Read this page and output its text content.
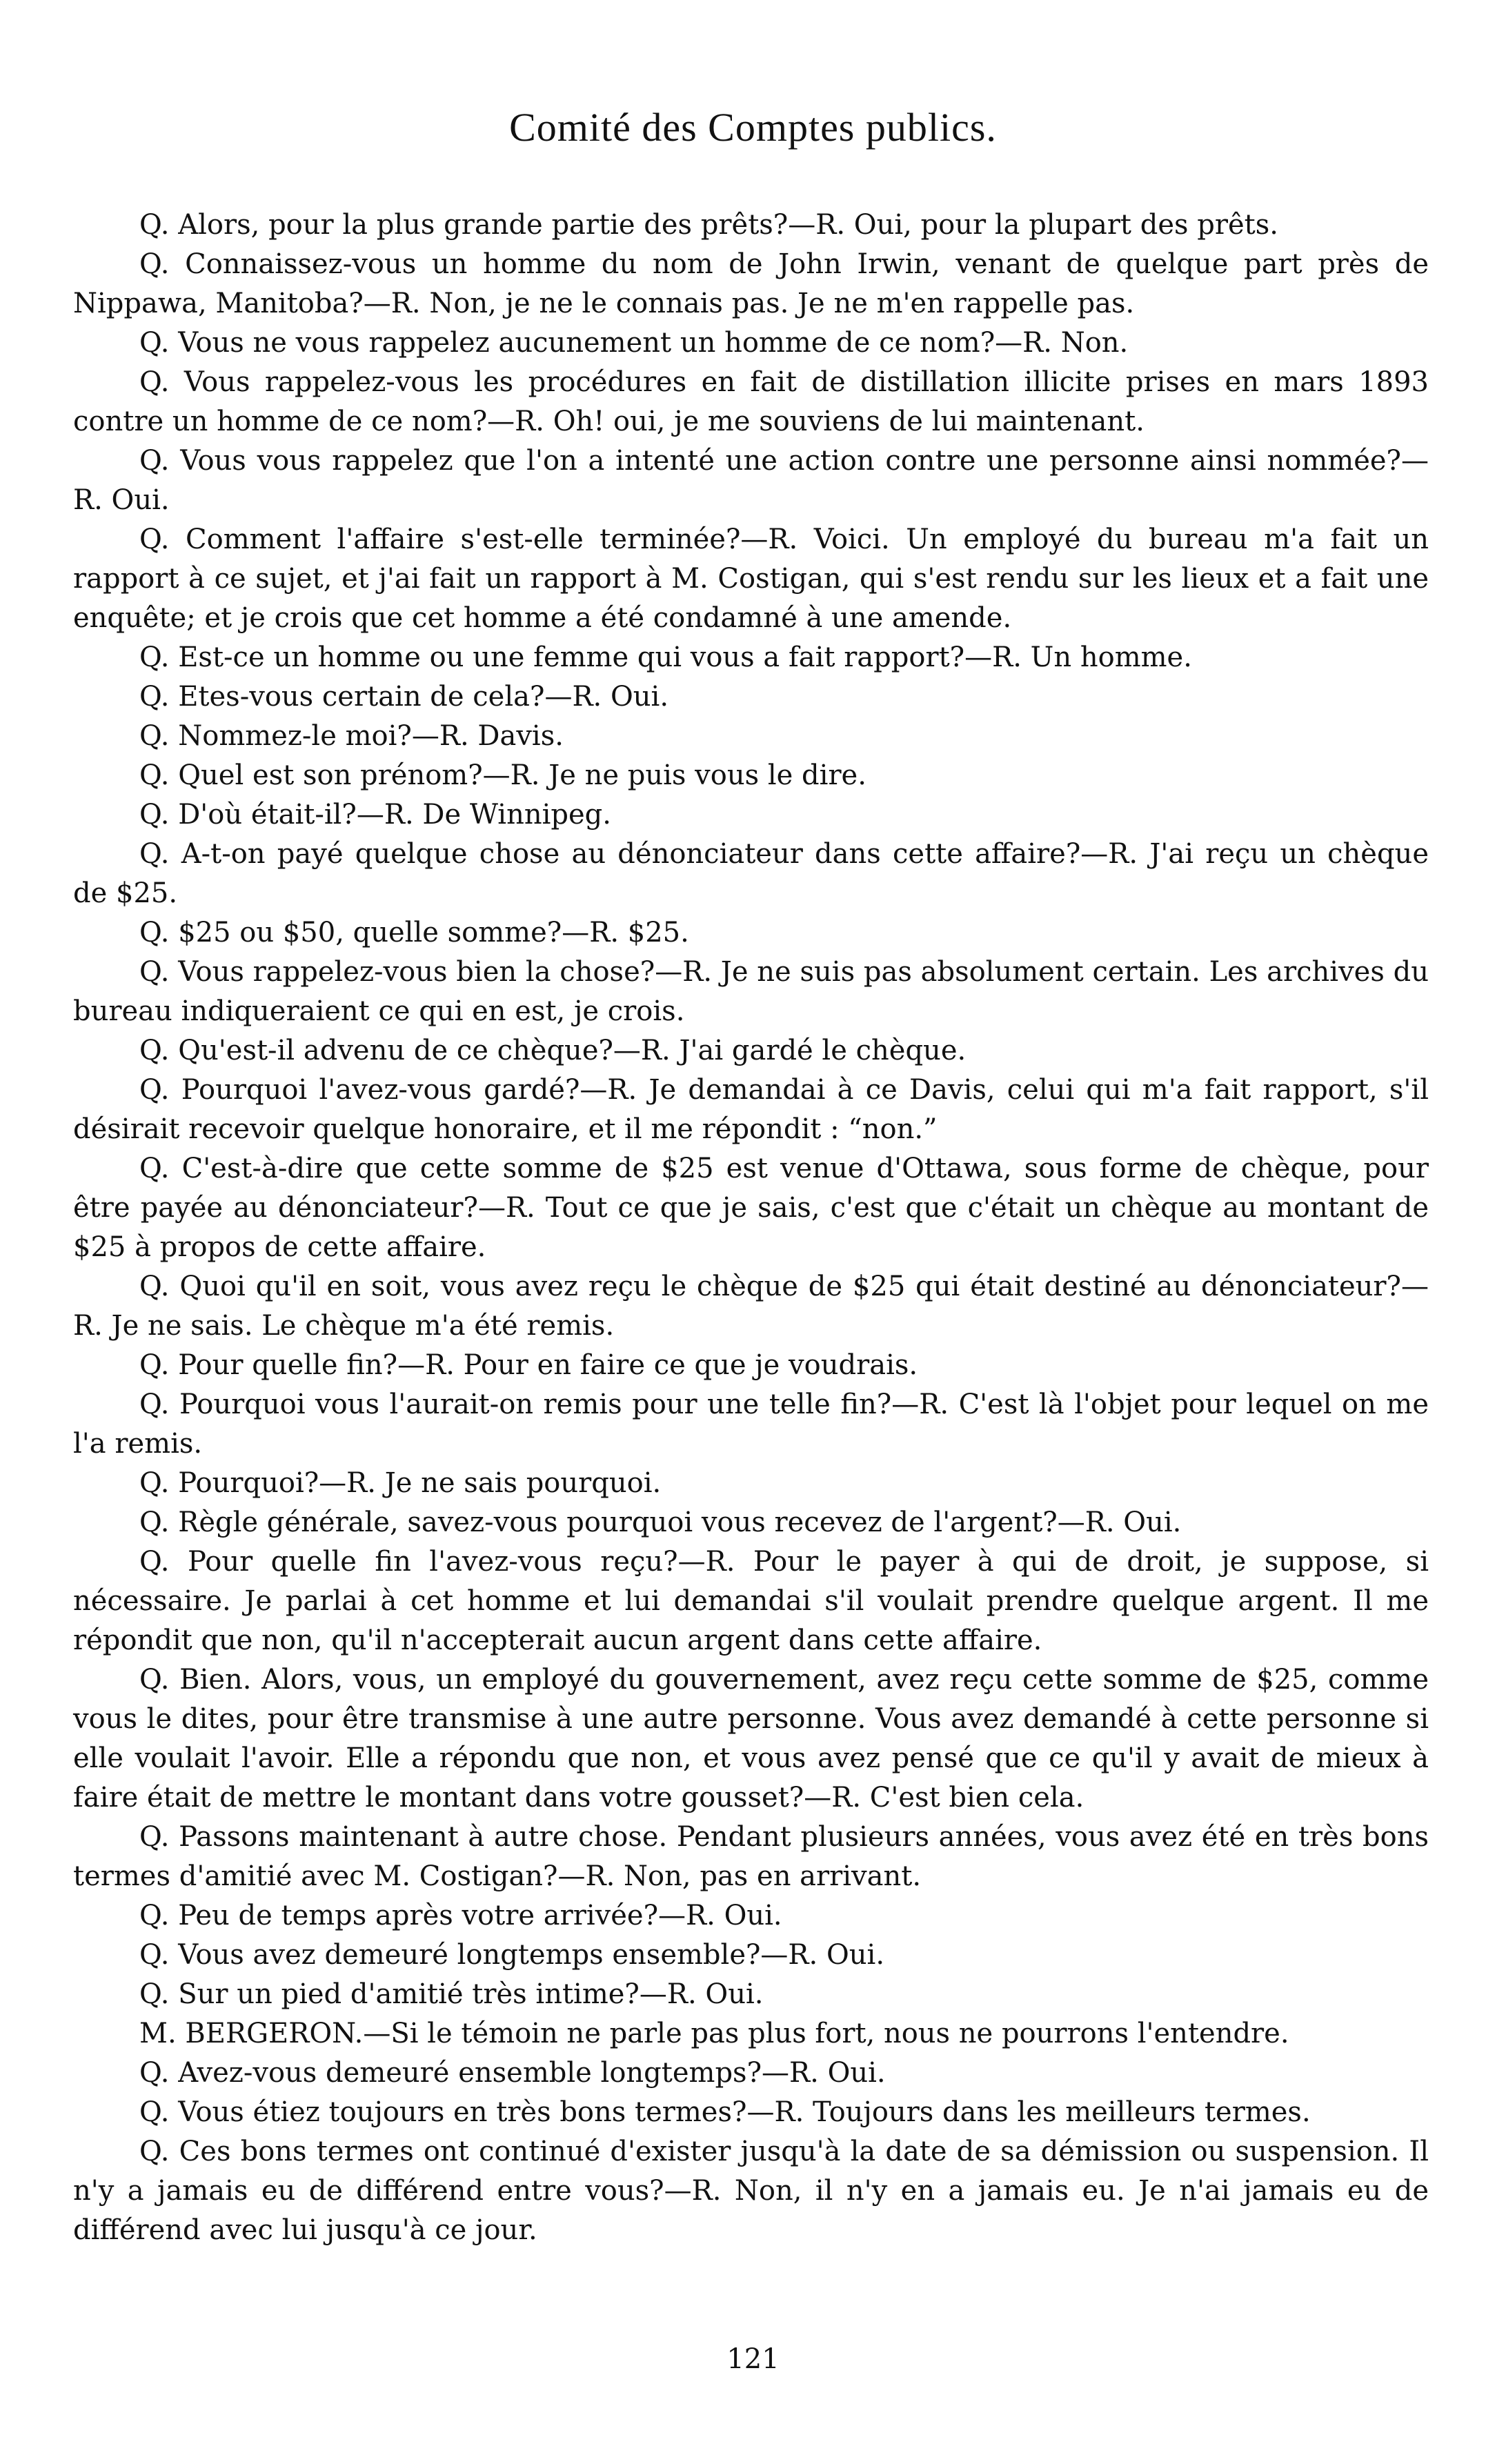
Comité des Comptes publics.

Q. Alors, pour la plus grande partie des prêts?—R. Oui, pour la plupart des prêts.

Q. Connaissez-vous un homme du nom de John Irwin, venant de quelque part près de Nippawa, Manitoba?—R. Non, je ne le connais pas. Je ne m'en rappelle pas.

Q. Vous ne vous rappelez aucunement un homme de ce nom?—R. Non.

Q. Vous rappelez-vous les procédures en fait de distillation illicite prises en mars 1893 contre un homme de ce nom?—R. Oh! oui, je me souviens de lui maintenant.

Q. Vous vous rappelez que l'on a intenté une action contre une personne ainsi nommée?—R. Oui.

Q. Comment l'affaire s'est-elle terminée?—R. Voici. Un employé du bureau m'a fait un rapport à ce sujet, et j'ai fait un rapport à M. Costigan, qui s'est rendu sur les lieux et a fait une enquête; et je crois que cet homme a été condamné à une amende.

Q. Est-ce un homme ou une femme qui vous a fait rapport?—R. Un homme.

Q. Etes-vous certain de cela?—R. Oui.

Q. Nommez-le moi?—R. Davis.

Q. Quel est son prénom?—R. Je ne puis vous le dire.

Q. D'où était-il?—R. De Winnipeg.

Q. A-t-on payé quelque chose au dénonciateur dans cette affaire?—R. J'ai reçu un chèque de $25.

Q. $25 ou $50, quelle somme?—R. $25.

Q. Vous rappelez-vous bien la chose?—R. Je ne suis pas absolument certain. Les archives du bureau indiqueraient ce qui en est, je crois.

Q. Qu'est-il advenu de ce chèque?—R. J'ai gardé le chèque.

Q. Pourquoi l'avez-vous gardé?—R. Je demandai à ce Davis, celui qui m'a fait rapport, s'il désirait recevoir quelque honoraire, et il me répondit : “non.”

Q. C'est-à-dire que cette somme de $25 est venue d'Ottawa, sous forme de chèque, pour être payée au dénonciateur?—R. Tout ce que je sais, c'est que c'était un chèque au montant de $25 à propos de cette affaire.

Q. Quoi qu'il en soit, vous avez reçu le chèque de $25 qui était destiné au dénonciateur?—R. Je ne sais. Le chèque m'a été remis.

Q. Pour quelle fin?—R. Pour en faire ce que je voudrais.

Q. Pourquoi vous l'aurait-on remis pour une telle fin?—R. C'est là l'objet pour lequel on me l'a remis.

Q. Pourquoi?—R. Je ne sais pourquoi.

Q. Règle générale, savez-vous pourquoi vous recevez de l'argent?—R. Oui.

Q. Pour quelle fin l'avez-vous reçu?—R. Pour le payer à qui de droit, je suppose, si nécessaire. Je parlai à cet homme et lui demandai s'il voulait prendre quelque argent. Il me répondit que non, qu'il n'accepterait aucun argent dans cette affaire.

Q. Bien. Alors, vous, un employé du gouvernement, avez reçu cette somme de $25, comme vous le dites, pour être transmise à une autre personne. Vous avez demandé à cette personne si elle voulait l'avoir. Elle a répondu que non, et vous avez pensé que ce qu'il y avait de mieux à faire était de mettre le montant dans votre gousset?—R. C'est bien cela.

Q. Passons maintenant à autre chose. Pendant plusieurs années, vous avez été en très bons termes d'amitié avec M. Costigan?—R. Non, pas en arrivant.

Q. Peu de temps après votre arrivée?—R. Oui.

Q. Vous avez demeuré longtemps ensemble?—R. Oui.

Q. Sur un pied d'amitié très intime?—R. Oui.

M. BERGERON.—Si le témoin ne parle pas plus fort, nous ne pourrons l'entendre.

Q. Avez-vous demeuré ensemble longtemps?—R. Oui.

Q. Vous étiez toujours en très bons termes?—R. Toujours dans les meilleurs termes.

Q. Ces bons termes ont continué d'exister jusqu'à la date de sa démission ou suspension. Il n'y a jamais eu de différend entre vous?—R. Non, il n'y en a jamais eu. Je n'ai jamais eu de différend avec lui jusqu'à ce jour.

121
